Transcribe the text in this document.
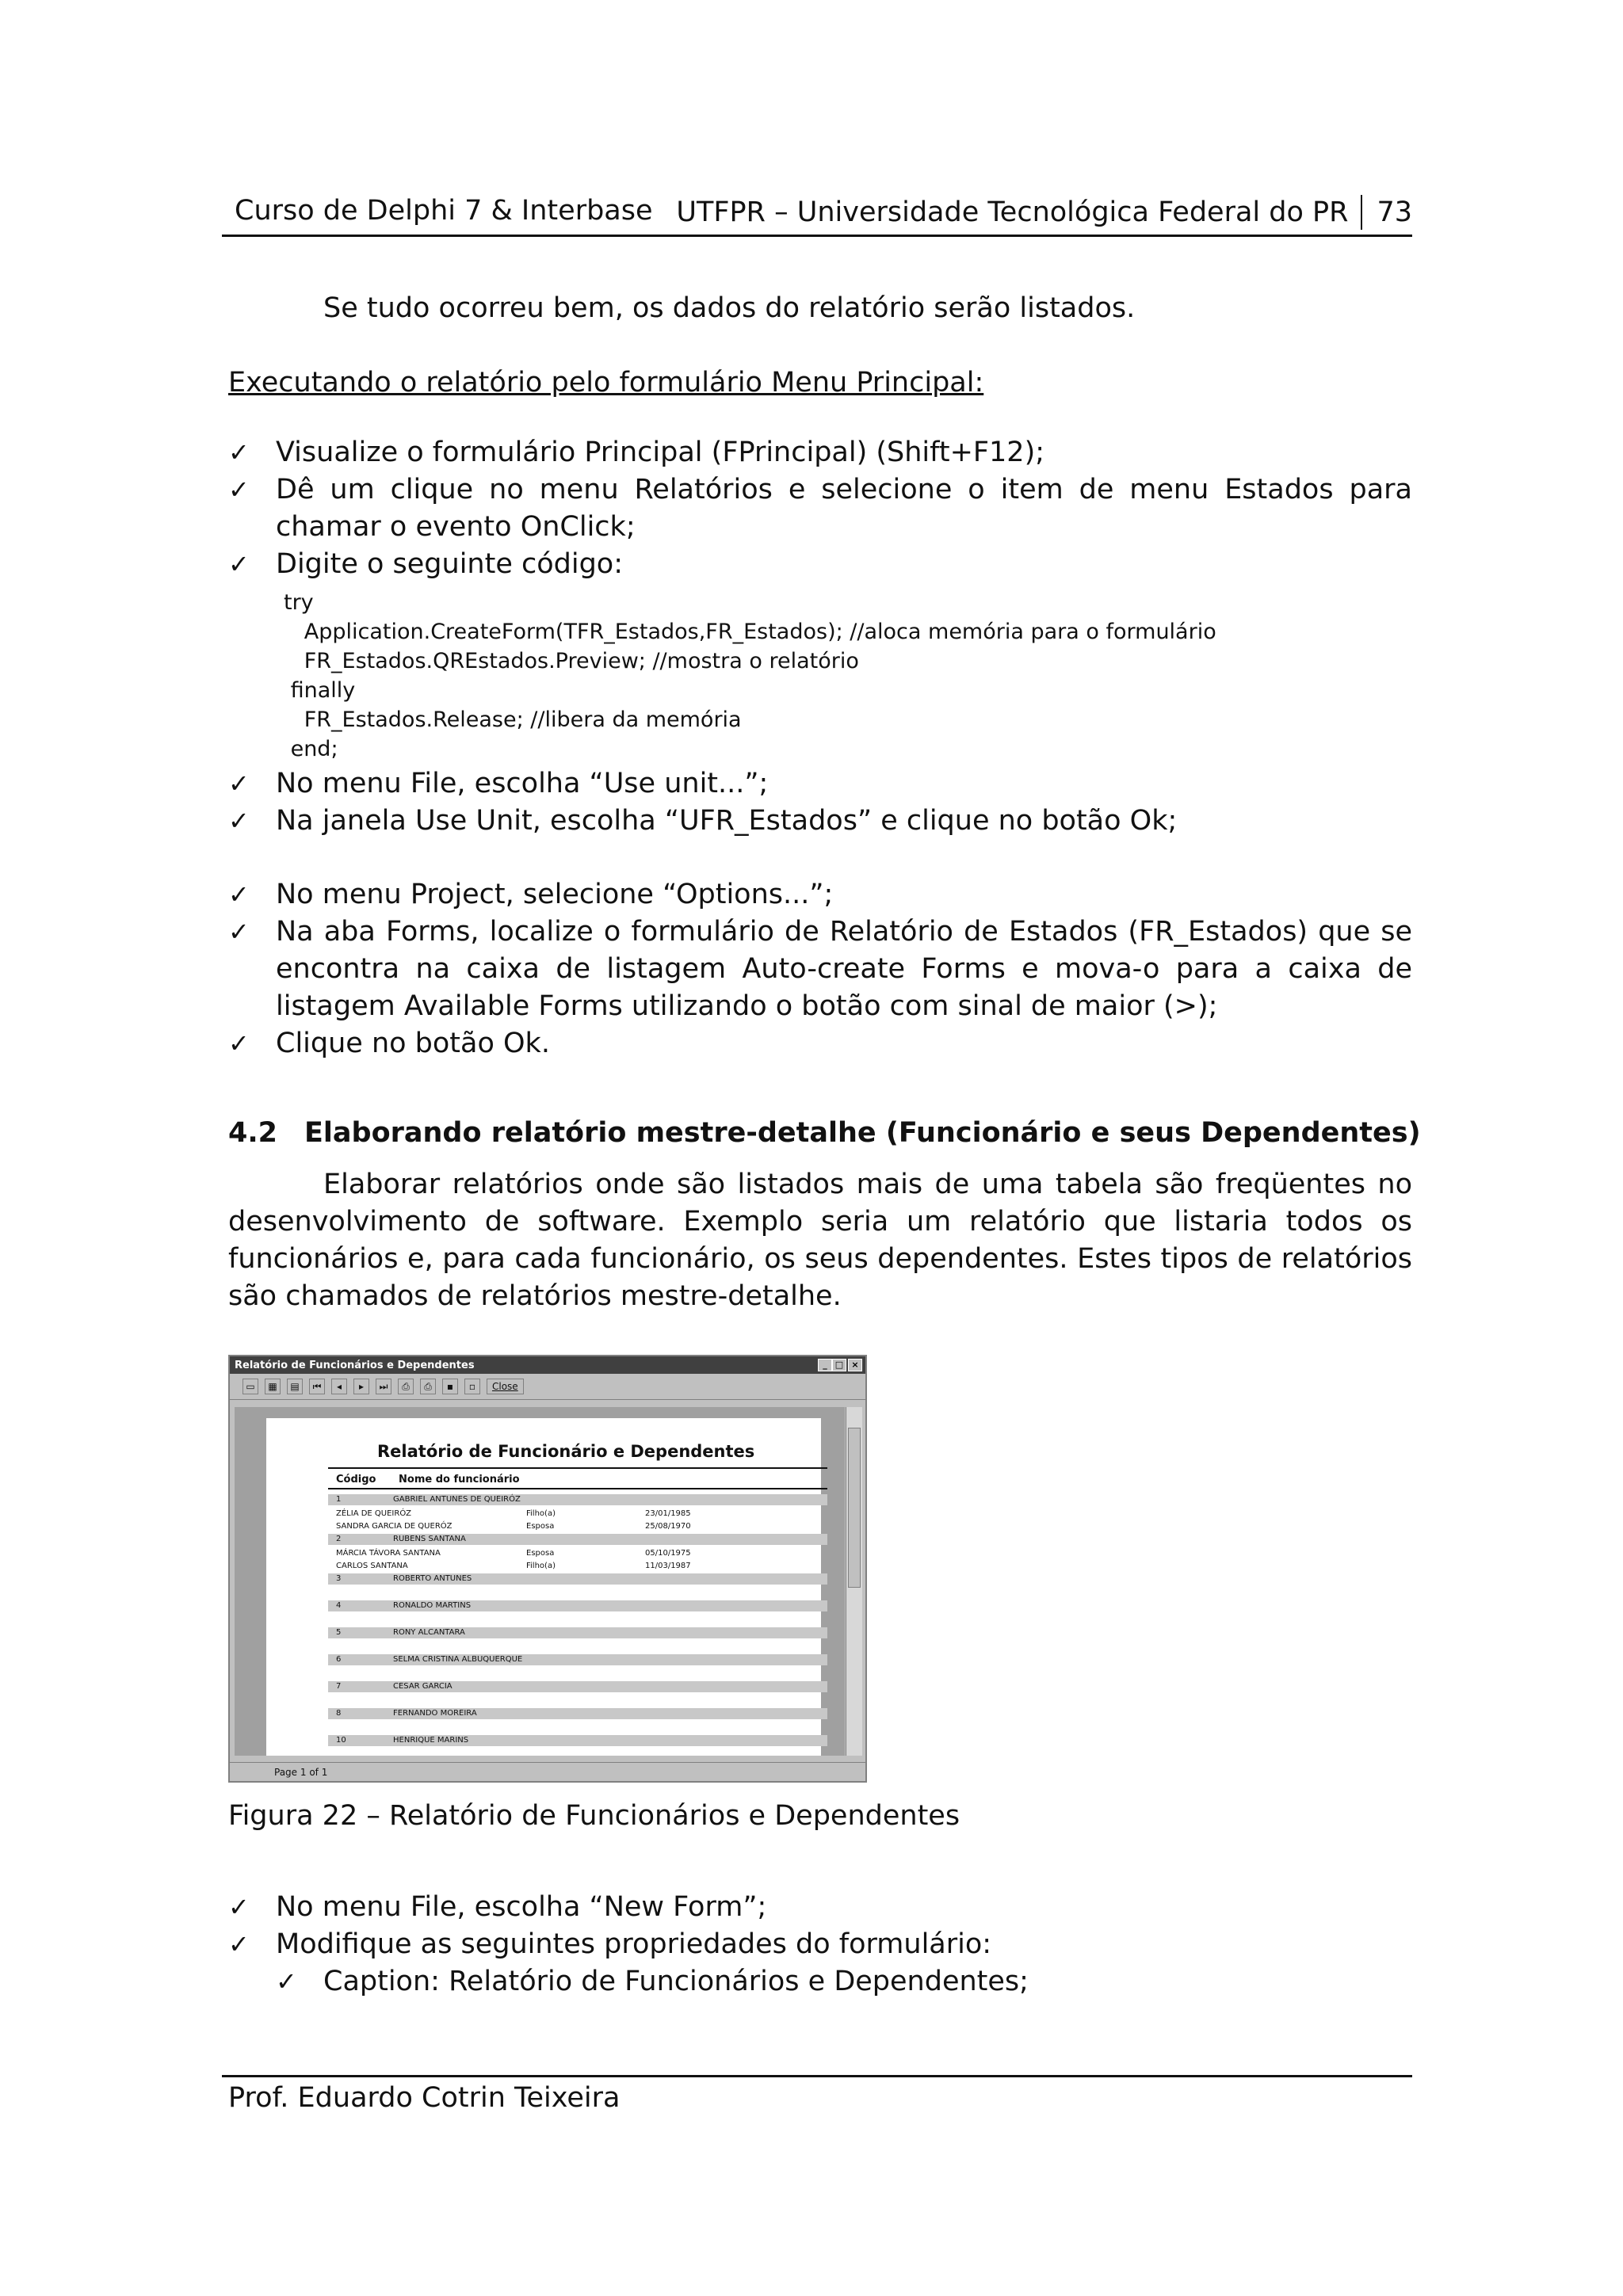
Curso de Delphi 7 & Interbase UTFPR – Universidade Tecnológica Federal do PR 73
Se tudo ocorreu bem, os dados do relatório serão listados.
Executando o relatório pelo formulário Menu Principal:
✓ Visualize o formulário Principal (FPrincipal) (Shift+F12);
✓ Dê um clique no menu Relatórios e selecione o item de menu Estados para chamar o evento OnClick;
✓ Digite o seguinte código:
try
Application.CreateForm(TFR_Estados,FR_Estados); //aloca memória para o formulário
FR_Estados.QREstados.Preview; //mostra o relatório
finally
FR_Estados.Release; //libera da memória
end;
✓ No menu File, escolha “Use unit...”;
✓ Na janela Use Unit, escolha “UFR_Estados” e clique no botão Ok;
✓ No menu Project, selecione “Options...”;
✓ Na aba Forms, localize o formulário de Relatório de Estados (FR_Estados) que se encontra na caixa de listagem Auto-create Forms e mova-o para a caixa de listagem Available Forms utilizando o botão com sinal de maior (>);
✓ Clique no botão Ok.
4.2 Elaborando relatório mestre-detalhe (Funcionário e seus Dependentes)
Elaborar relatórios onde são listados mais de uma tabela são freqüentes no desenvolvimento de software. Exemplo seria um relatório que listaria todos os funcionários e, para cada funcionário, os seus dependentes. Estes tipos de relatórios são chamados de relatórios mestre-detalhe.
Relatório de Funcionários e Dependentes	_ □ ×
▭	▦	▤	⏮	◂	▸	⏭	⎙	⎙	▪	▫	Close
Relatório de Funcionário e Dependentes
Código Nome do funcionário
1	GABRIEL ANTUNES DE QUEIRÓZ
ZÉLIA DE QUEIRÓZ	Filho(a)	23/01/1985
SANDRA GARCIA DE QUERÓZ	Esposa	25/08/1970
2	RUBENS SANTANA
MÁRCIA TÁVORA SANTANA	Esposa	05/10/1975
CARLOS SANTANA	Filho(a)	11/03/1987
3	ROBERTO ANTUNES
4	RONALDO MARTINS
5	RONY ALCANTARA
6	SELMA CRISTINA ALBUQUERQUE
7	CESAR GARCIA
8	FERNANDO MOREIRA
10	HENRIQUE MARINS
Page 1 of 1
Figura 22 – Relatório de Funcionários e Dependentes
✓ No menu File, escolha “New Form”;
✓ Modifique as seguintes propriedades do formulário:
✓ Caption: Relatório de Funcionários e Dependentes;
Prof. Eduardo Cotrin Teixeira
